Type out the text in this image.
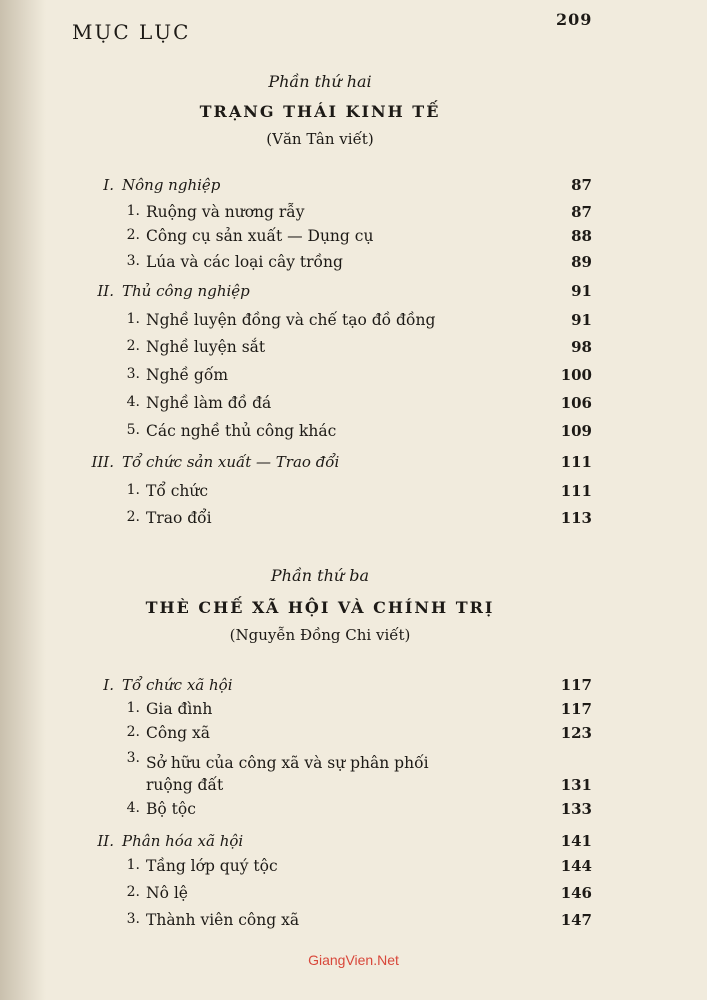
MỤC LỤC
209
Phần thứ hai
TRẠNG THÁI KINH TẾ
(Văn Tân viết)
I. Nông nghiệp	87
1. Ruộng và nương rẫy	87
2. Công cụ sản xuất — Dụng cụ	88
3. Lúa và các loại cây trồng	89
II. Thủ công nghiệp	91
1. Nghề luyện đồng và chế tạo đồ đồng	91
2. Nghề luyện sắt	98
3. Nghề gốm	100
4. Nghề làm đồ đá	106
5. Các nghề thủ công khác	109
III. Tổ chức sản xuất — Trao đổi	111
1. Tổ chức	111
2. Trao đổi	113
Phần thứ ba
THÈ CHẾ XÃ HỘI VÀ CHÍNH TRỊ
(Nguyễn Đồng Chi viết)
I. Tổ chức xã hội	117
1. Gia đình	117
2. Công xã	123
3. Sở hữu của công xã và sự phân phối
ruộng đất	131
4. Bộ tộc	133
II. Phân hóa xã hội	141
1. Tầng lớp quý tộc	144
2. Nô lệ	146
3. Thành viên công xã	147
GiangVien.Net
